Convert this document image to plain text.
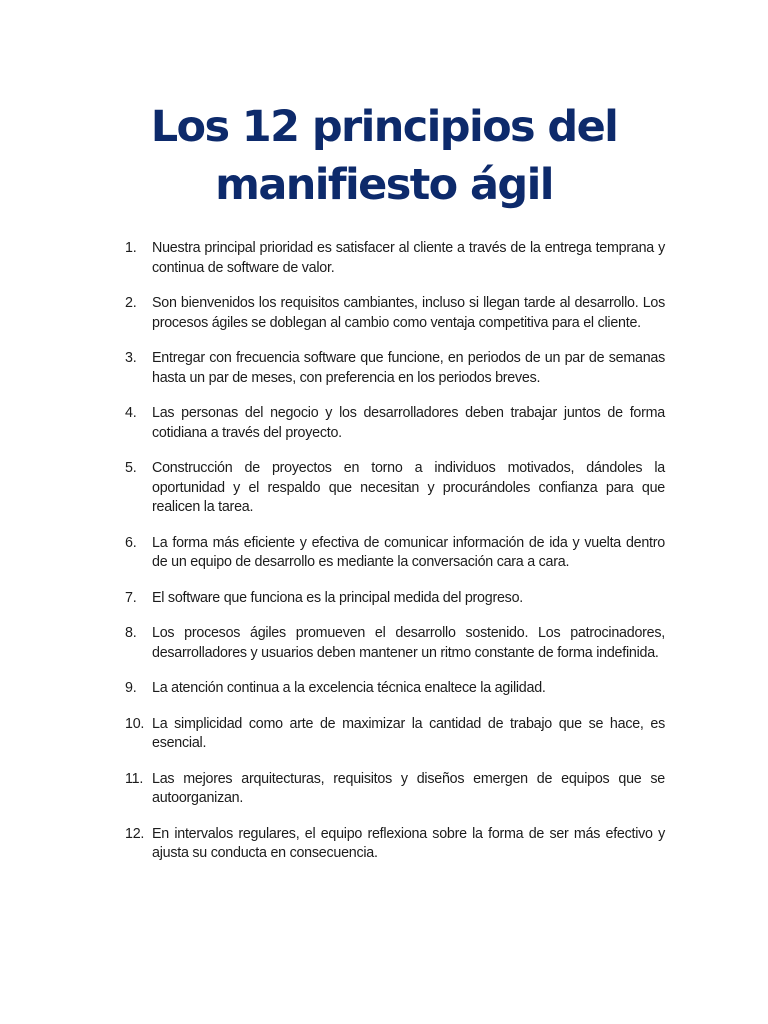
Los 12 principios del
manifiesto ágil
1. Nuestra principal prioridad es satisfacer al cliente a través de la entrega temprana y continua de software de valor.
2. Son bienvenidos los requisitos cambiantes, incluso si llegan tarde al desarrollo. Los procesos ágiles se doblegan al cambio como ventaja competitiva para el cliente.
3. Entregar con frecuencia software que funcione, en periodos de un par de semanas hasta un par de meses, con preferencia en los periodos breves.
4. Las personas del negocio y los desarrolladores deben trabajar juntos de forma cotidiana a través del proyecto.
5. Construcción de proyectos en torno a individuos motivados, dándoles la oportunidad y el respaldo que necesitan y procurándoles confianza para que realicen la tarea.
6. La forma más eficiente y efectiva de comunicar información de ida y vuelta dentro de un equipo de desarrollo es mediante la conversación cara a cara.
7. El software que funciona es la principal medida del progreso.
8. Los procesos ágiles promueven el desarrollo sostenido. Los patrocinadores, desarrolladores y usuarios deben mantener un ritmo constante de forma indefinida.
9. La atención continua a la excelencia técnica enaltece la agilidad.
10. La simplicidad como arte de maximizar la cantidad de trabajo que se hace, es esencial.
11. Las mejores arquitecturas, requisitos y diseños emergen de equipos que se autoorganizan.
12. En intervalos regulares, el equipo reflexiona sobre la forma de ser más efectivo y ajusta su conducta en consecuencia.
